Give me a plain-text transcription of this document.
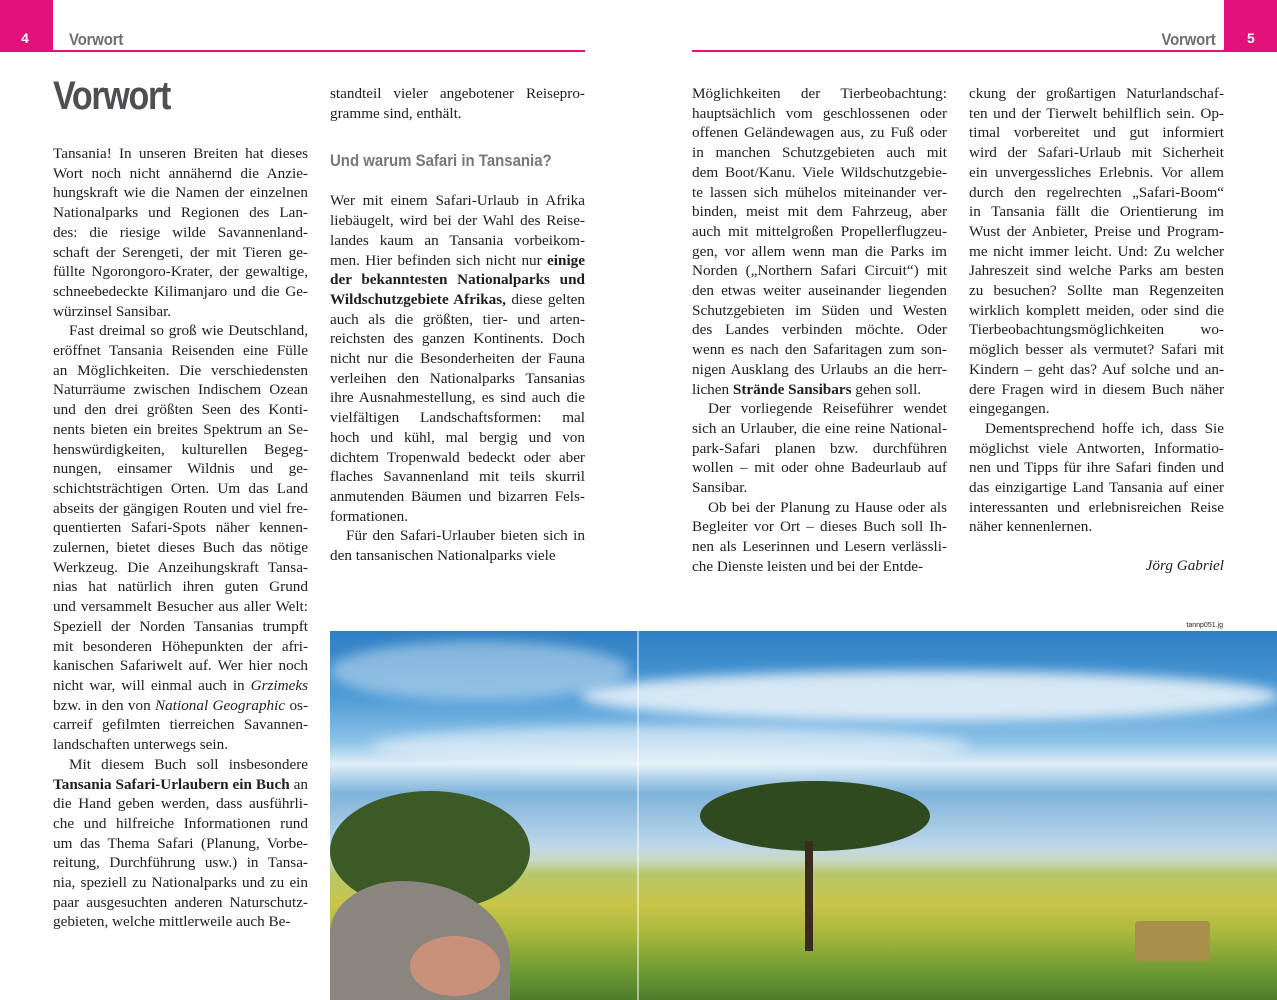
4 Vorwort	5
Vorwort
Vorwort
Tansania! In unseren Breiten hat dieses
Wort noch nicht annähernd die Anzie-
hungskraft wie die Namen der einzelnen
Nationalparks und Regionen des Lan-
des: die riesige wilde Savannenland-
schaft der Serengeti, der mit Tieren ge-
füllte Ngorongoro-Krater, der gewaltige,
schneebedeckte Kilimanjaro und die Ge-
würzinsel Sansibar.
Fast dreimal so groß wie Deutschland,
eröffnet Tansania Reisenden eine Fülle
an Möglichkeiten. Die verschiedensten
Naturräume zwischen Indischem Ozean
und den drei größten Seen des Konti-
nents bieten ein breites Spektrum an Se-
henswürdigkeiten, kulturellen Begeg-
nungen, einsamer Wildnis und ge-
schichtsträchtigen Orten. Um das Land
abseits der gängigen Routen und viel fre-
quentierten Safari-Spots näher kennen-
zulernen, bietet dieses Buch das nötige
Werkzeug. Die Anzeihungskraft Tansa-
nias hat natürlich ihren guten Grund
und versammelt Besucher aus aller Welt:
Speziell der Norden Tansanias trumpft
mit besonderen Höhepunkten der afri-
kanischen Safariwelt auf. Wer hier noch
nicht war, will einmal auch in Grzimeks
bzw. in den von National Geographic os-
carreif gefilmten tierreichen Savannen-
landschaften unterwegs sein.
Mit diesem Buch soll insbesondere
Tansania Safari-Urlaubern ein Buch an
die Hand geben werden, dass ausführli-
che und hilfreiche Informationen rund
um das Thema Safari (Planung, Vorbe-
reitung, Durchführung usw.) in Tansa-
nia, speziell zu Nationalparks und zu ein
paar ausgesuchten anderen Naturschutz-
gebieten, welche mittlerweile auch Be-
standteil vieler angebotener Reisepro-
gramme sind, enthält.
Und warum Safari in Tansania?
Wer mit einem Safari-Urlaub in Afrika
liebäugelt, wird bei der Wahl des Reise-
landes kaum an Tansania vorbeikom-
men. Hier befinden sich nicht nur einige
der bekanntesten Nationalparks und
Wildschutzgebiete Afrikas, diese gelten
auch als die größten, tier- und arten-
reichsten des ganzen Kontinents. Doch
nicht nur die Besonderheiten der Fauna
verleihen den Nationalparks Tansanias
ihre Ausnahmestellung, es sind auch die
vielfältigen Landschaftsformen: mal
hoch und kühl, mal bergig und von
dichtem Tropenwald bedeckt oder aber
flaches Savannenland mit teils skurril
anmutenden Bäumen und bizarren Fels-
formationen.
Für den Safari-Urlauber bieten sich in
den tansanischen Nationalparks viele
Möglichkeiten der Tierbeobachtung:
hauptsächlich vom geschlossenen oder
offenen Geländewagen aus, zu Fuß oder
in manchen Schutzgebieten auch mit
dem Boot/Kanu. Viele Wildschutzgebie-
te lassen sich mühelos miteinander ver-
binden, meist mit dem Fahrzeug, aber
auch mit mittelgroßen Propellerflugzeu-
gen, vor allem wenn man die Parks im
Norden („Northern Safari Circuit“) mit
den etwas weiter auseinander liegenden
Schutzgebieten im Süden und Westen
des Landes verbinden möchte. Oder
wenn es nach den Safaritagen zum son-
nigen Ausklang des Urlaubs an die herr-
lichen Strände Sansibars gehen soll.
Der vorliegende Reiseführer wendet
sich an Urlauber, die eine reine National-
park-Safari planen bzw. durchführen
wollen – mit oder ohne Badeurlaub auf
Sansibar.
Ob bei der Planung zu Hause oder als
Begleiter vor Ort – dieses Buch soll Ih-
nen als Leserinnen und Lesern verlässli-
che Dienste leisten und bei der Entde-
ckung der großartigen Naturlandschaf-
ten und der Tierwelt behilflich sein. Op-
timal vorbereitet und gut informiert
wird der Safari-Urlaub mit Sicherheit
ein unvergessliches Erlebnis. Vor allem
durch den regelrechten „Safari-Boom“
in Tansania fällt die Orientierung im
Wust der Anbieter, Preise und Program-
me nicht immer leicht. Und: Zu welcher
Jahreszeit sind welche Parks am besten
zu besuchen? Sollte man Regenzeiten
wirklich komplett meiden, oder sind die
Tierbeobachtungsmöglichkeiten wo-
möglich besser als vermutet? Safari mit
Kindern – geht das? Auf solche und an-
dere Fragen wird in diesem Buch näher
eingegangen.
Dementsprechend hoffe ich, dass Sie
möglichst viele Antworten, Informatio-
nen und Tipps für ihre Safari finden und
das einzigartige Land Tansania auf einer
interessanten und erlebnisreichen Reise
näher kennenlernen.
Jörg Gabriel
tannp051.jg
